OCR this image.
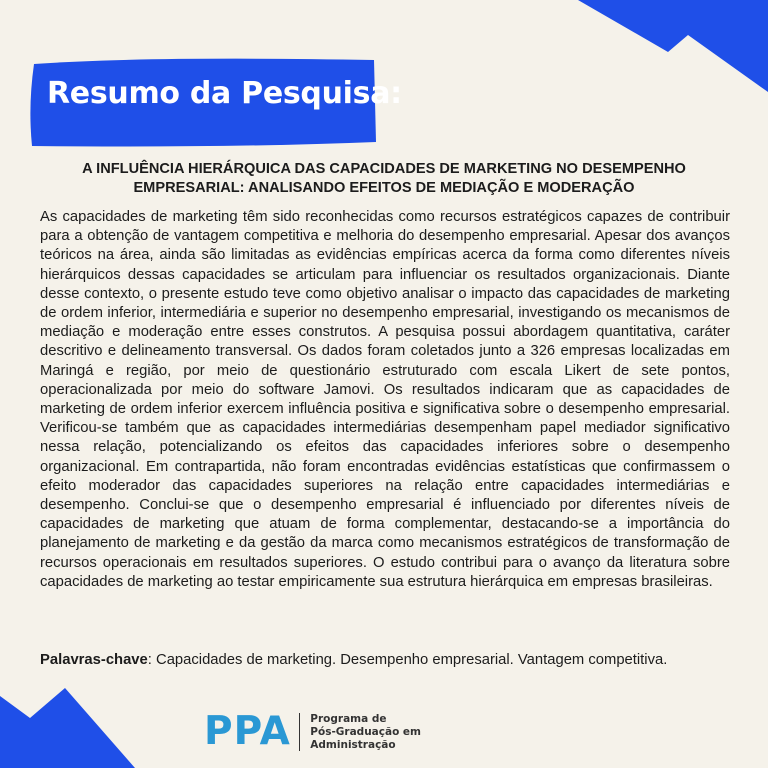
Resumo da Pesquisa:
A INFLUÊNCIA HIERÁRQUICA DAS CAPACIDADES DE MARKETING NO DESEMPENHO
EMPRESARIAL: ANALISANDO EFEITOS DE MEDIAÇÃO E MODERAÇÃO

As capacidades de marketing têm sido reconhecidas como recursos estratégicos capazes de contribuir para a obtenção de vantagem competitiva e melhoria do desempenho empresarial. Apesar dos avanços teóricos na área, ainda são limitadas as evidências empíricas acerca da forma como diferentes níveis hierárquicos dessas capacidades se articulam para influenciar os resultados organizacionais. Diante desse contexto, o presente estudo teve como objetivo analisar o impacto das capacidades de marketing de ordem inferior, intermediária e superior no desempenho empresarial, investigando os mecanismos de mediação e moderação entre esses construtos. A pesquisa possui abordagem quantitativa, caráter descritivo e delineamento transversal. Os dados foram coletados junto a 326 empresas localizadas em Maringá e região, por meio de questionário estruturado com escala Likert de sete pontos, operacionalizada por meio do software Jamovi. Os resultados indicaram que as capacidades de marketing de ordem inferior exercem influência positiva e significativa sobre o desempenho empresarial. Verificou-se também que as capacidades intermediárias desempenham papel mediador significativo nessa relação, potencializando os efeitos das capacidades inferiores sobre o desempenho organizacional. Em contrapartida, não foram encontradas evidências estatísticas que confirmassem o efeito moderador das capacidades superiores na relação entre capacidades intermediárias e desempenho. Conclui-se que o desempenho empresarial é influenciado por diferentes níveis de capacidades de marketing que atuam de forma complementar, destacando-se a importância do planejamento de marketing e da gestão da marca como mecanismos estratégicos de transformação de recursos operacionais em resultados superiores. O estudo contribui para o avanço da literatura sobre capacidades de marketing ao testar empiricamente sua estrutura hierárquica em empresas brasileiras.

Palavras-chave: Capacidades de marketing. Desempenho empresarial. Vantagem competitiva.

PPA Programa de
Pós-Graduação em
Administração
